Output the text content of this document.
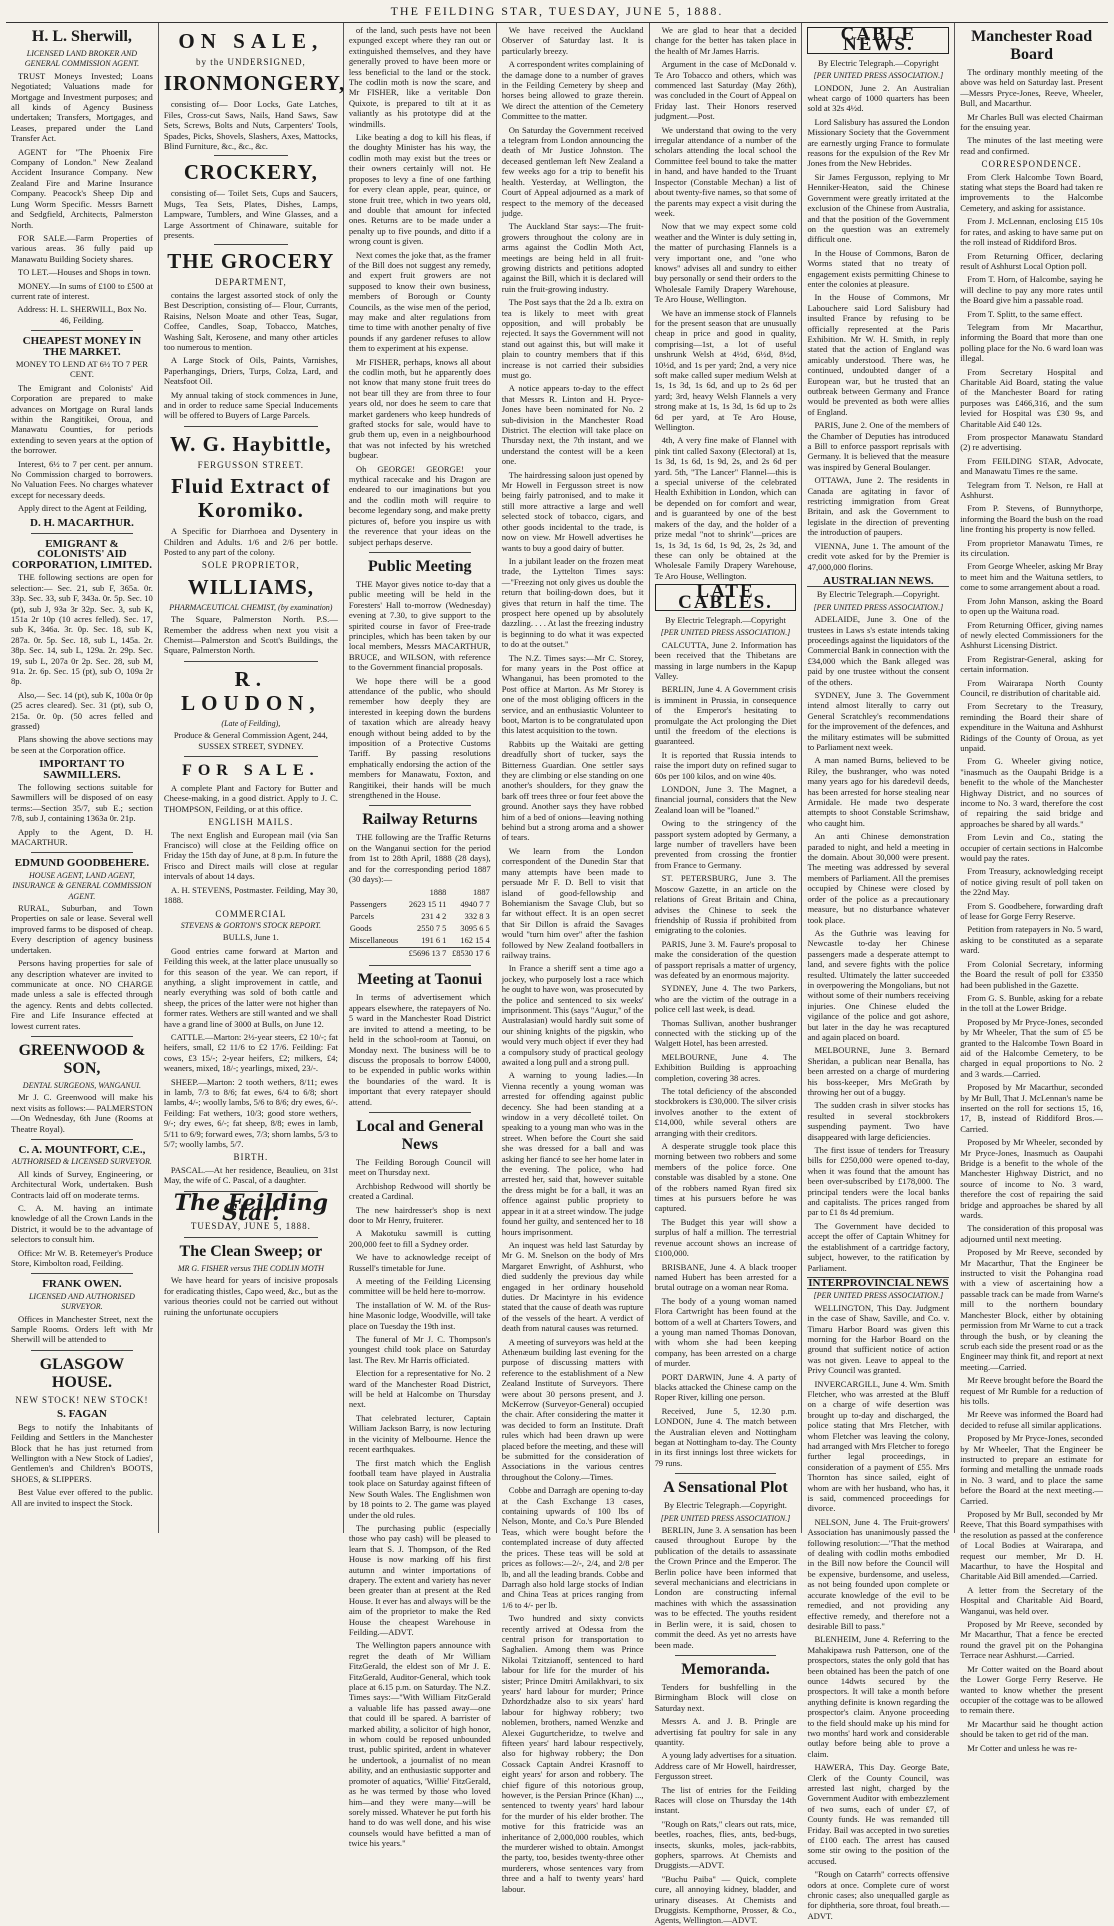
THE FEILDING STAR, TUESDAY, JUNE 5, 1888.
H. L. Sherwill,
LICENSED LAND BROKER AND GENERAL COMMISSION AGENT.

TRUST Moneys Invested; Loans Negotiated; Valuations made for Mortgage and Investment purposes; and all kinds of Agency Business undertaken; Transfers, Mortgages, and Leases, prepared under the Land Transfer Act.

AGENT for "The Phoenix Fire Company of London." New Zealand Accident Insurance Company. New Zealand Fire and Marine Insurance Company. Peacock's Sheep Dip and Lung Worm Specific. Messrs Barnett and Sedgfield, Architects, Palmerston North.

FOR SALE.—Farm Properties of various areas. 36 fully paid up Manawatu Building Society shares.

TO LET.—Houses and Shops in town.

MONEY.—In sums of £100 to £500 at current rate of interest.

Address: H. L. SHERWILL, Box No. 46, Feilding.

CHEAPEST MONEY IN THE MARKET.

MONEY TO LEND AT 6½ TO 7 PER CENT.

The Emigrant and Colonists' Aid Corporation are prepared to make advances on Mortgage on Rural lands within the Rangitikei, Oroua, and Manawatu Counties, for periods extending to seven years at the option of the borrower.

Interest, 6½ to 7 per cent. per annum. No Commission charged to borrowers. No Valuation Fees. No charges whatever except for necessary deeds.

Apply direct to the Agent at Feilding,

D. H. MACARTHUR.
EMIGRANT & COLONISTS' AID CORPORATION, LIMITED.

THE following sections are open for selection:— Sec. 21, sub F, 365a. 0r. 33p. Sec. 33, sub F, 343a. 0r. 5p. Sec. 10 (pt), sub J, 93a 3r 32p. Sec. 3, sub K, 151a 2r 10p (10 acres felled). Sec. 17, sub K, 346a. 3r. 0p. Sec. 18, sub K, 287a. 0r. 5p. Sec. 18, sub L, 145a. 2r. 38p. Sec. 14, sub L, 129a. 2r. 29p. Sec. 19, sub L, 207a 0r 2p. Sec. 28, sub M, 91a. 2r. 6p. Sec. 15 (pt), sub O, 109a 2r 8p.

Also,— Sec. 14 (pt), sub K, 100a 0r 0p (25 acres cleared). Sec. 31 (pt), sub O, 215a. 0r. 0p. (50 acres felled and grassed)

Plans showing the above sections may be seen at the Corporation office.

IMPORTANT TO SAWMILLERS.

The following sections suitable for Sawmillers will be disposed of on easy terms:—Section 35/7, sub E.; section 7/8, sub J, containing 1363a 0r. 21p.

Apply to the Agent, D. H. MACARTHUR.

EDMUND GOODBEHERE.
HOUSE AGENT, LAND AGENT, INSURANCE & GENERAL COMMISSION AGENT.

RURAL, Suburban, and Town Properties on sale or lease. Several well improved farms to be disposed of cheap. Every description of agency business undertaken.

Persons having properties for sale of any description whatever are invited to communicate at once. NO CHARGE made unless a sale is effected through the agency. Rents and debts collected. Fire and Life Insurance effected at lowest current rates.

GREENWOOD & SON,
DENTAL SURGEONS, WANGANUI.

Mr J. C. Greenwood will make his next visits as follows:— PALMERSTON—On Wednesday, 6th June (Rooms at Theatre Royal).

C. A. MOUNTFORT, C.E.,
AUTHORISED & LICENSED SURVEYOR.

All kinds of Survey, Engineering, or Architectural Work, undertaken. Bush Contracts laid off on moderate terms.

C. A. M. having an intimate knowledge of all the Crown Lands in the District, it would be to the advantage of selectors to consult him.

Office: Mr W. B. Retemeyer's Produce Store, Kimbolton road, Feilding.

FRANK OWEN.
LICENSED AND AUTHORISED SURVEYOR.

Offices in Manchester Street, next the Sample Rooms. Orders left with Mr Sherwill will be attended to

GLASGOW HOUSE.
NEW STOCK! NEW STOCK!
S. FAGAN

Begs to notify the Inhabitants of Feilding and Settlers in the Manchester Block that he has just returned from Wellington with a New Stock of Ladies', Gentlemen's and Children's BOOTS, SHOES, & SLIPPERS.

Best Value ever offered to the public. All are invited to inspect the Stock.

ON SALE,
by the UNDERSIGNED,
IRONMONGERY,

consisting of— Door Locks, Gate Latches, Files, Cross-cut Saws, Nails, Hand Saws, Saw Sets, Screws, Bolts and Nuts, Carpenters' Tools, Spades, Picks, Shovels, Slashers, Axes, Mattocks, Blind Furniture, &c., &c., &c.

CROCKERY,

consisting of— Toilet Sets, Cups and Saucers, Mugs, Tea Sets, Plates, Dishes, Lamps, Lampware, Tumblers, and Wine Glasses, and a Large Assortment of Chinaware, suitable for presents.

THE GROCERY
DEPARTMENT,

contains the largest assorted stock of only the Best Description, consisting of— Flour, Currants, Raisins, Nelson Moate and other Teas, Sugar, Coffee, Candles, Soap, Tobacco, Matches, Washing Salt, Kerosene, and many other articles too numerous to mention.

A Large Stock of Oils, Paints, Varnishes, Paperhangings, Driers, Turps, Colza, Lard, and Neatsfoot Oil.

My annual taking of stock commences in June, and in order to reduce same Special Inducements will be offered to Buyers of Large Parcels.

W. G. Haybittle,
FERGUSSON STREET.
Fluid Extract of Koromiko.

A Specific for Diarrhoea and Dysentery in Children and Adults. 1/6 and 2/6 per bottle. Posted to any part of the colony.

SOLE PROPRIETOR,
WILLIAMS,
PHARMACEUTICAL CHEMIST, (by examination)

The Square, Palmerston North. P.S.—Remember the address when next you visit a Chemist—Palmerston and Scott's Buildings, the Square, Palmerston North.

R. LOUDON,
(Late of Feilding),

Produce & General Commission Agent, 244, SUSSEX STREET, SYDNEY.

FOR SALE.

A complete Plant and Factory for Butter and Cheese-making, in a good district. Apply to J. C. THOMPSON, Feilding, or at this office.

ENGLISH MAILS.

The next English and European mail (via San Francisco) will close at the Feilding office on Friday the 15th day of June, at 8 p.m. In future the Frisco and Direct mails will close at regular intervals of about 14 days.

A. H. STEVENS, Postmaster. Feilding, May 30, 1888.

COMMERCIAL
STEVENS & GORTON'S STOCK REPORT.

BULLS, June 1.

Good entries came forward at Marton and Feilding this week, at the latter place unusually so for this season of the year. We can report, if anything, a slight improvement in cattle, and nearly everything was sold of both cattle and sheep, the prices of the latter were not higher than former rates. Wethers are still wanted and we shall have a grand line of 3000 at Bulls, on June 12.

CATTLE.—Marton: 2½-year steers, £2 10/-; fat heifers, small, £2 11/6 to £2 17/6. Feilding: Fat cows, £3 15/-; 2-year heifers, £2; milkers, £4; weaners, mixed, 18/-; yearlings, mixed, 23/-.

SHEEP.—Marton: 2 tooth wethers, 8/11; ewes in lamb, 7/3 to 8/6; fat ewes, 6/4 to 6/8; short lambs, 4/-; woolly lambs, 5/6 to 8/6; dry ewes, 6/-. Feilding: Fat wethers, 10/3; good store wethers, 9/-; dry ewes, 6/-; fat sheep, 8/8; ewes in lamb, 5/11 to 6/9; forward ewes, 7/3; shorn lambs, 5/3 to 5/7; woolly lambs, 5/7.

BIRTH.

PASCAL.—At her residence, Beaulieu, on 31st May, the wife of C. Pascal, of a daughter.

The Feilding Star.
TUESDAY, JUNE 5, 1888.
The Clean Sweep; or
MR G. FISHER versus THE CODLIN MOTH

We have heard for years of incisive proposals for eradicating thistles, Capo weed, &c., but as the various theories could not be carried out without ruining the unfortunate occupiers

of the land, such pests have not been expunged except where they ran out or extinguished themselves, and they have generally proved to have been more or less beneficial to the land or the stock. The codlin moth is now the scare, and Mr FISHER, like a veritable Don Quixote, is prepared to tilt at it as valiantly as his prototype did at the windmills.

Like beating a dog to kill his fleas, if the doughty Minister has his way, the codlin moth may exist but the trees or their owners certainly will not. He proposes to levy a fine of one farthing for every clean apple, pear, quince, or stone fruit tree, which in two years old, and double that amount for infected ones. Returns are to be made under a penalty up to five pounds, and ditto if a wrong count is given.

Next comes the joke that, as the framer of the Bill does not suggest any remedy, and expert fruit growers are not supposed to know their own business, members of Borough or County Councils, as the wise men of the period, may make and alter regulations from time to time with another penalty of five pounds if any gardener refuses to allow them to experiment at his expense.

Mr FISHER, perhaps, knows all about the codlin moth, but he apparently does not know that many stone fruit trees do not bear till they are from three to four years old, nor does he seem to care that market gardeners who keep hundreds of grafted stocks for sale, would have to grub them up, even in a neighbourhood that was not infected by his wretched bugbear.

Oh GEORGE! GEORGE! your mythical racecake and his Dragon are endeared to our imaginations but you and the codlin moth will require to become legendary song, and make pretty pictures of, before you inspire us with the reverence that your ideas on the subject perhaps deserve.

Public Meeting

THE Mayor gives notice to-day that a public meeting will be held in the Foresters' Hall to-morrow (Wednesday) evening at 7.30, to give support to the spirited course in favor of Free-trade principles, which has been taken by our local members, Messrs MACARTHUR, BRUCE, and WILSON, with reference to the Government financial proposals.

We hope there will be a good attendance of the public, who should remember how deeply they are interested in keeping down the burdens of taxation which are already heavy enough without being added to by the imposition of a Protective Customs Tariff. By passing resolutions emphatically endorsing the action of the members for Manawatu, Foxton, and Rangitikei, their hands will be much strengthened in the House.

Railway Returns

THE following are the Traffic Returns on the Wanganui section for the period from 1st to 28th April, 1888 (28 days), and for the corresponding period 1887 (30 days):—

	1888	1887
Passengers	2623 15 11	4940 7 7
Parcels	231 4 2	332 8 3
Goods	2550 7 5	3095 6 5
Miscellaneous	191 6 1	162 15 4
	£5696 13 7	£8530 17 6
Meeting at Taonui

In terms of advertisement which appears elsewhere, the ratepayers of No. 5 ward in the Manchester Road District are invited to attend a meeting, to be held in the school-room at Taonui, on Monday next. The business will be to discuss the proposals to borrow £4000, to be expended in public works within the boundaries of the ward. It is important that every ratepayer should attend.

Local and General News

The Feilding Borough Council will meet on Thursday next.

Archbishop Redwood will shortly be created a Cardinal.

The new hairdresser's shop is next door to Mr Henry, fruiterer.

A Makotuku sawmill is cutting 200,000 feet to fill a Sydney order.

We have to acknowledge receipt of Russell's timetable for June.

A meeting of the Feilding Licensing committee will be held here to-morrow.

The installation of W. M. of the Rus-hine Masonic lodge, Woodville, will take place on Tuesday the 19th inst.

The funeral of Mr J. C. Thompson's youngest child took place on Saturday last. The Rev. Mr Harris officiated.

Election for a representative for No. 2 ward of the Manchester Road District, will be held at Halcombe on Thursday next.

That celebrated lecturer, Captain William Jackson Barry, is now lecturing in the vicinity of Melbourne. Hence the recent earthquakes.

The first match which the English football team have played in Australia took place on Saturday against fifteen of New South Wales. The Englishmen won by 18 points to 2. The game was played under the old rules.

The purchasing public (especially those who pay cash) will be pleased to learn that S. J. Thompson, of the Red House is now marking off his first autumn and winter importations of drapery. The extent and variety has never been greater than at present at the Red House. It ever has and always will be the aim of the proprietor to make the Red House the cheapest Warehouse in Feilding.—ADVT.

The Wellington papers announce with regret the death of Mr William FitzGerald, the eldest son of Mr J. E. FitzGerald, Auditor-General, which took place at 6.15 p.m. on Saturday. The N.Z. Times says:—"With William FitzGerald a valuable life has passed away—one that could ill be spared. A barrister of marked ability, a solicitor of high honor, in whom could be reposed unbounded trust, public spirited, ardent in whatever he undertook, a journalist of no mean ability, and an enthusiastic supporter and promoter of aquatics, 'Willie' FitzGerald, as he was termed by those who loved him—and they were many—will be sorely missed. Whatever he put forth his hand to do was well done, and his wise counsels would have befitted a man of twice his years."

We have received the Auckland Observer of Saturday last. It is particularly breezy.

A correspondent writes complaining of the damage done to a number of graves in the Feilding Cemetery by sheep and horses being allowed to graze therein. We direct the attention of the Cemetery Committee to the matter.

On Saturday the Government received a telegram from London announcing the death of Mr Justice Johnston. The deceased gentleman left New Zealand a few weeks ago for a trip to benefit his health. Yesterday, at Wellington, the Court of Appeal adjourned as a mark of respect to the memory of the deceased judge.

The Auckland Star says:—The fruit-growers throughout the colony are in arms against the Codlin Moth Act, meetings are being held in all fruit-growing districts and petitions adopted against the Bill, which it is declared will ruin the fruit-growing industry.

The Post says that the 2d a lb. extra on tea is likely to meet with great opposition, and will probably be rejected. It says the Government will not stand out against this, but will make it plain to country members that if this increase is not carried their subsidies must go.

A notice appears to-day to the effect that Messrs R. Linton and H. Pryce-Jones have been nominated for No. 2 sub-division in the Manchester Road District. The election will take place on Thursday next, the 7th instant, and we understand the contest will be a keen one.

The hairdressing saloon just opened by Mr Howell in Fergusson street is now being fairly patronised, and to make it still more attractive a large and well selected stock of tobacco, cigars, and other goods incidental to the trade, is now on view. Mr Howell advertises he wants to buy a good dairy of butter.

In a jubilant leader on the frozen meat trade, the Lyttelton Times says:—"Freezing not only gives us double the return that boiling-down does, but it gives that return in half the time. The prospect here opened up by absolutely dazzling. . . . At last the freezing industry is beginning to do what it was expected to do at the outset."

The N.Z. Times says:—Mr C. Storey, for many years in the Post office at Whanganui, has been promoted to the Post office at Marton. As Mr Storey is one of the most obliging officers in the service, and an enthusiastic Volunteer to boot, Marton is to be congratulated upon this latest acquisition to the town.

Rabbits up the Waitaki are getting dreadfully short of tucker, says the Bitterness Guardian. One settler says they are climbing or else standing on one another's shoulders, for they gnaw the bark off trees three or four feet above the ground. Another says they have robbed him of a bed of onions—leaving nothing behind but a strong aroma and a shower of tears.

We learn from the London correspondent of the Dunedin Star that many attempts have been made to persuade Mr F. D. Bell to visit that island of good-fellowship and Bohemianism the Savage Club, but so far without effect. It is an open secret that Sir Dillon is afraid the Savages would "turn him over" after the fashion followed by New Zealand footballers in railway trains.

In France a sheriff sent a time ago a jockey, who purposely lost a race which he ought to have won, was prosecuted by the police and sentenced to six weeks' imprisonment. This (says "Augur," of the Australasian) would hardly suit some of our shining knights of the pigskin, who would very much object if ever they had a compulsory study of practical geology awaited a long pull and a strong pull.

A warning to young ladies.—In Vienna recently a young woman was arrested for offending against public decency. She had been standing at a window in a very décolleté toilet. On speaking to a young man who was in the street. When before the Court she said she was dressed for a ball and was asking her fiancé to see her home later in the evening. The police, who had arrested her, said that, however suitable the dress might be for a ball, it was an offence against public propriety to appear in it at a street window. The judge found her guilty, and sentenced her to 18 hours imprisonment.

An inquest was held last Saturday by Mr G. M. Snelson on the body of Mrs Margaret Enwright, of Ashhurst, who died suddenly the previous day while engaged in her ordinary household duties. Dr Macintyre in his evidence stated that the cause of death was rupture of the vessels of the heart. A verdict of death from natural causes was returned.

A meeting of surveyors was held at the Athenæum building last evening for the purpose of discussing matters with reference to the establishment of a New Zealand Institute of Surveyors. There were about 30 persons present, and J. McKerrow (Surveyor-General) occupied the chair. After considering the matter it was decided to form an Institute. Draft rules which had been drawn up were placed before the meeting, and these will be submitted for the consideration of Associations in the various centres throughout the Colony.—Times.

Cobbe and Darragh are opening to-day at the Cash Exchange 13 cases, containing upwards of 100 lbs of Nelson, Monte, and Co.'s Pure Blended Teas, which were bought before the contemplated increase of duty affected the prices. These teas will be sold at prices as follows:—2/-, 2/4, and 2/8 per lb, and all the leading brands. Cobbe and Darragh also hold large stocks of Indian and China Teas at prices ranging from 1/6 to 4/- per lb.

Two hundred and sixty convicts recently arrived at Odessa from the central prison for transportation to Saghalien. Among them was Prince Nikolai Tzitzianoff, sentenced to hard labour for life for the murder of his sister; Prince Dmitri Amilakhvari, to six years' hard labour for murder; Prince Dzhordzhadze also to six years' hard labour for highway robbery; two noblemen, brothers, named Wenzke and Alexei Gugurtcheridze, to twelve and fifteen years' hard labour respectively, also for highway robbery; the Don Cossack Captain Andrei Krasnoff to eight years' for arson and robbery. The chief figure of this notorious group, however, is the Persian Prince (Khan) ..., sentenced to twenty years' hard labour for the murder of his elder brother. The motive for this fratricide was an inheritance of 2,000,000 roubles, which the murderer wished to obtain. Amongst the party, too, besides twenty-three other murderers, whose sentences vary from three and a half to twenty years' hard labour.

We are glad to hear that a decided change for the better has taken place in the health of Mr James Harris.

Argument in the case of McDonald v. Te Aro Tobacco and others, which was commenced last Saturday (May 26th), was concluded in the Court of Appeal on Friday last. Their Honors reserved judgment.—Post.

We understand that owing to the very irregular attendance of a number of the scholars attending the local school the Committee feel bound to take the matter in hand, and have handed to the Truant Inspector (Constable Mechan) a list of about twenty-five names, so that some of the parents may expect a visit during the week.

Now that we may expect some cold weather and the Winter is duly setting in, the matter of purchasing Flannels is a very important one, and "one who knows" advises all and sundry to either buy personally or send their orders to the Wholesale Family Drapery Warehouse, Te Aro House, Wellington.

We have an immense stock of Flannels for the present season that are unusually cheap in price and good in quality, comprising—1st, a lot of useful unshrunk Welsh at 4½d, 6½d, 8½d, 10½d, and 1s per yard; 2nd, a very nice soft make called super medium Welsh at 1s, 1s 3d, 1s 6d, and up to 2s 6d per yard; 3rd, heavy Welsh Flannels a very strong make at 1s, 1s 3d, 1s 6d up to 2s 6d per yard, at Te Aro House, Wellington.

4th, A very fine make of Flannel with pink tint called Saxony (Electoral) at 1s, 1s 3d, 1s 6d, 1s 9d, 2s, and 2s 6d per yard. 5th, "The Lancer" Flannel—this is a special universe of the celebrated Health Exhibition in London, which can be depended on for comfort and wear, and is guaranteed by one of the best makers of the day, and the holder of a prize medal "not to shrink"—prices are 1s, 1s 3d, 1s 6d, 1s 9d, 2s, 2s 3d, and these can only be obtained at the Wholesale Family Drapery Warehouse, Te Aro House, Wellington.

LATE CABLES.

By Electric Telegraph.—Copyright

[PER UNITED PRESS ASSOCIATION.]

CALCUTTA, June 2. Information has been received that the Thibetans are massing in large numbers in the Kapup Valley.

BERLIN, June 4. A Government crisis is imminent in Prussia, in consequence of the Emperor's hesitating to promulgate the Act prolonging the Diet until the freedom of the elections is guaranteed.

It is reported that Russia intends to raise the import duty on refined sugar to 60s per 100 kilos, and on wine 40s.

LONDON, June 3. The Magnet, a financial journal, considers that the New Zealand loan will be "loaned."

Owing to the stringency of the passport system adopted by Germany, a large number of travellers have been prevented from crossing the frontier from France to Germany.

ST. PETERSBURG, June 3. The Moscow Gazette, in an article on the relations of Great Britain and China, advises the Chinese to seek the friendship of Russia if prohibited from emigrating to the colonies.

PARIS, June 3. M. Faure's proposal to make the consideration of the question of passport reprisals a matter of urgency, was defeated by an enormous majority.

SYDNEY, June 4. The two Parkers, who are the victim of the outrage in a police cell last week, is dead.

Thomas Sullivan, another bushranger connected with the sticking up of the Walgett Hotel, has been arrested.

MELBOURNE, June 4. The Exhibition Building is approaching completion, covering 38 acres.

The total deficiency of the absconded stockbrokers is £30,000. The silver crisis involves another to the extent of £14,000, while several others are arranging with their creditors.

A desperate struggle took place this morning between two robbers and some members of the police force. One constable was disabled by a stone. One of the robbers named Ryan fired six times at his pursuers before he was captured.

The Budget this year will show a surplus of half a million. The terrestrial revenue account shows an increase of £100,000.

BRISBANE, June 4. A black trooper named Hubert has been arrested for a brutal outrage on a woman near Roma.

The body of a young woman named Flora Cartwright has been found at the bottom of a well at Charters Towers, and a young man named Thomas Donovan, with whom she had been keeping company, has been arrested on a charge of murder.

PORT DARWIN, June 4. A party of blacks attacked the Chinese camp on the Roper River, killing one person.

Received, June 5, 12.30 p.m. LONDON, June 4. The match between the Australian eleven and Nottingham began at Nottingham to-day. The County in its first innings lost three wickets for 79 runs.

A Sensational Plot

By Electric Telegraph.—Copyright.

[PER UNITED PRESS ASSOCIATION.]

BERLIN, June 3. A sensation has been caused throughout Europe by the publication of the details to assassinate the Crown Prince and the Emperor. The Berlin police have been informed that several mechanicians and electricians in London are constructing infernal machines with which the assassination was to be effected. The youths resident in Berlin were, it is said, chosen to commit the deed. As yet no arrests have been made.

Memoranda.

Tenders for bushfelling in the Birmingham Block will close on Saturday next.

Messrs A. and J. B. Pringle are advertising fat poultry for sale in any quantity.

A young lady advertises for a situation. Address care of Mr Howell, hairdresser, Fergusson street.

The list of entries for the Feilding Races will close on Thursday the 14th instant.

"Rough on Rats," clears out rats, mice, beetles, roaches, flies, ants, bed-bugs, insects, skunks, moles, jack-rabbits, gophers, sparrows. At Chemists and Druggists.—ADVT.

"Buchu Paiba" — Quick, complete cure, all annoying kidney, bladder, and urinary diseases. At Chemists and Druggists. Kempthorne, Prosser, & Co., Agents, Wellington.—ADVT.

CABLE NEWS.

By Electric Telegraph.—Copyright

[PER UNITED PRESS ASSOCIATION.]

LONDON, June 2. An Australian wheat cargo of 1000 quarters has been sold at 32s 4½d.

Lord Salisbury has assured the London Missionary Society that the Government are earnestly urging France to formulate reasons for the expulsion of the Rev Mr Jones from the New Hebrides.

Sir James Fergusson, replying to Mr Henniker-Heaton, said the Chinese Government were greatly irritated at the exclusion of the Chinese from Australia, and that the position of the Government on the question was an extremely difficult one.

In the House of Commons, Baron de Worms stated that no treaty of engagement exists permitting Chinese to enter the colonies at pleasure.

In the House of Commons, Mr Labouchere said Lord Salisbury had insulted France by refusing to be officially represented at the Paris Exhibition. Mr W. H. Smith, in reply stated that the action of England was amicably understood. There was, he continued, undoubted danger of a European war, but he trusted that an outbreak between Germany and France would be prevented as both were allies of England.

PARIS, June 2. One of the members of the Chamber of Deputies has introduced a Bill to enforce passport reprisals with Germany. It is believed that the measure was inspired by General Boulanger.

OTTAWA, June 2. The residents in Canada are agitating in favor of restricting immigration from Great Britain, and ask the Government to legislate in the direction of preventing the introduction of paupers.

VIENNA, June 1. The amount of the credit vote asked for by the Premier is 47,000,000 florins.

AUSTRALIAN NEWS.

By Electric Telegraph.—Copyright.

[PER UNITED PRESS ASSOCIATION.]

ADELAIDE, June 3. One of the trustees in Laws s's estate intends taking proceedings against the liquidators of the Commercial Bank in connection with the £34,000 which the Bank alleged was paid by one trustee without the consent of the others.

SYDNEY, June 3. The Government intend almost literally to carry out General Scratchley's recommendations for the improvement of the defences, and the military estimates will be submitted to Parliament next week.

A man named Burns, believed to be Riley, the bushranger, who was noted many years ago for his daredevil deeds, has been arrested for horse stealing near Armidale. He made two desperate attempts to shoot Constable Scrimshaw, who caught him.

An anti Chinese demonstration paraded to night, and held a meeting in the domain. About 30,000 were present. The meeting was addressed by several members of Parliament. All the premises occupied by Chinese were closed by order of the police as a precautionary measure, but no disturbance whatever took place.

As the Guthrie was leaving for Newcastle to-day her Chinese passengers made a desperate attempt to land, and severe fights with the police resulted. Ultimately the latter succeeded in overpowering the Mongolians, but not without some of their numbers receiving injuries. One Chinese eluded the vigilance of the police and got ashore, but later in the day he was recaptured and again placed on board.

MELBOURNE, June 3. Bernard Sheridan, a publican near Benalla, has been arrested on a charge of murdering his boss-keeper, Mrs McGrath by throwing her out of a buggy.

The sudden crash in silver stocks has resulted in several stockbrokers suspending payment. Two have disappeared with large deficiencies.

The first issue of tenders for Treasury bills for £250,000 were opened to-day, when it was found that the amount has been over-subscribed by £178,000. The principal tenders were the local banks and capitalists. The prices ranged from par to £1 8s 4d premium.

The Government have decided to accept the offer of Captain Whitney for the establishment of a cartridge factory, subject, however, to the ratification by Parliament.

INTERPROVINCIAL NEWS
[PER UNITED PRESS ASSOCIATION.]

WELLINGTON, This Day. Judgment in the case of Shaw, Saville, and Co. v. Timaru Harbor Board was given this morning for the Harbor Board on the ground that sufficient notice of action was not given. Leave to appeal to the Privy Council was granted.

INVERCARGILL, June 4. Wm. Smith Fletcher, who was arrested at the Bluff on a charge of wife desertion was brought up to-day and discharged, the police stating that Mrs Fletcher, with whom Fletcher was leaving the colony, had arranged with Mrs Fletcher to forego further legal proceedings, in consideration of a payment of £55. Mrs Thornton has since sailed, eight of whom are with her husband, who has, it is said, commenced proceedings for divorce.

NELSON, June 4. The Fruit-growers' Association has unanimously passed the following resolution:—"That the method of dealing with codlin moths embodied in the Bill now before the Council will be expensive, burdensome, and useless, as not being founded upon complete or accurate knowledge of the evil to be remedied, and not providing any effective remedy, and therefore not a desirable Bill to pass."

BLENHEIM, June 4. Referring to the Mahakipawa rush Patterson, one of the prospectors, states the only gold that has been obtained has been the patch of one ounce 14dwts secured by the prospectors. It will take a month before anything definite is known regarding the prospector's claim. Anyone proceeding to the field should make up his mind for two months' hard work and considerable outlay before being able to prove a claim.

HAWERA, This Day. George Bate, Clerk of the County Council, was arrested last night, charged by the Government Auditor with embezzlement of two sums, each of under £7, of County funds. He was remanded till Friday. Bail was accepted in two sureties of £100 each. The arrest has caused some stir owing to the position of the accused.

"Rough on Catarrh" corrects offensive odors at once. Complete cure of worst chronic cases; also unequalled gargle as for diphtheria, sore throat, foul breath.—ADVT.

Manchester Road Board

The ordinary monthly meeting of the above was held on Saturday last. Present—Messrs Pryce-Jones, Reeve, Wheeler, Bull, and Macarthur.

Mr Charles Bull was elected Chairman for the ensuing year.

The minutes of the last meeting were read and confirmed.

CORRESPONDENCE.

From Clerk Halcombe Town Board, stating what steps the Board had taken re improvements to the Halcombe Cemetery, and asking for assistance.

From J. McLennan, enclosing £15 10s for rates, and asking to have same put on the roll instead of Riddiford Bros.

From Returning Officer, declaring result of Ashhurst Local Option poll.

From T. Horn, of Halcombe, saying he will decline to pay any more rates until the Board give him a passable road.

From T. Splitt, to the same effect.

Telegram from Mr Macarthur, informing the Board that more than one polling place for the No. 6 ward loan was illegal.

From Secretary Hospital and Charitable Aid Board, stating the value of the Manchester Board for rating purposes was £466,316, and the sum levied for Hospital was £30 9s, and Charitable Aid £40 12s.

From prospector Manawatu Standard (2) re advertising.

From FEILDING STAR, Advocate, and Manawatu Times re the same.

Telegram from T. Nelson, re Hall at Ashhurst.

From P. Stevens, of Bunnythorpe, informing the Board the bush on the road line fronting his property is now felled.

From proprietor Manawatu Times, re its circulation.

From George Wheeler, asking Mr Bray to meet him and the Waituna settlers, to come to some arrangement about a road.

From John Manson, asking the Board to open up the Waituna road.

From Returning Officer, giving names of newly elected Commissioners for the Ashhurst Licensing District.

From Registrar-General, asking for certain information.

From Wairarapa North County Council, re distribution of charitable aid.

From Secretary to the Treasury, reminding the Board their share of expenditure in the Waituna and Ashhurst Ridings of the County of Oroua, as yet unpaid.

From G. Wheeler giving notice, "inasmuch as the Oaupahi Bridge is a benefit to the whole of the Manchester Highway District, and no sources of income to No. 3 ward, therefore the cost of repairing the said bridge and approaches be shared by all wards."

From Levin and Co., stating the occupier of certain sections in Halcombe would pay the rates.

From Treasury, acknowledging receipt of notice giving result of poll taken on the 22nd May.

From S. Goodbehere, forwarding draft of lease for Gorge Ferry Reserve.

Petition from ratepayers in No. 5 ward, asking to be constituted as a separate ward.

From Colonial Secretary, informing the Board the result of poll for £3350 had been published in the Gazette.

From G. S. Bunble, asking for a rebate in the toll at the Lower Bridge.

Proposed by Mr Pryce-Jones, seconded by Mr Wheeler, That the sum of £5 be granted to the Halcombe Town Board in aid of the Halcombe Cemetery, to be charged in equal proportions to No. 2 and 3 wards.—Carried.

Proposed by Mr Macarthur, seconded by Mr Bull, That J. McLennan's name be inserted on the roll for sections 15, 16, 17, B, instead of Riddiford Bros.—Carried.

Proposed by Mr Wheeler, seconded by Mr Pryce-Jones, Inasmuch as Oaupahi Bridge is a benefit to the whole of the Manchester Highway District, and no source of income to No. 3 ward, therefore the cost of repairing the said bridge and approaches be shared by all wards.

The consideration of this proposal was adjourned until next meeting.

Proposed by Mr Reeve, seconded by Mr Macarthur, That the Engineer be instructed to visit the Pohangina road with a view of ascertaining how a passable track can be made from Warne's mill to the northern boundary Manchester Block, either by obtaining permission from Mr Warne to cut a track through the bush, or by cleaning the scrub each side the present road or as the Engineer may think fit, and report at next meeting.—Carried.

Mr Reeve brought before the Board the request of Mr Rumble for a reduction of his tolls.

Mr Reeve was informed the Board had decided to refuse all similar applications.

Proposed by Mr Pryce-Jones, seconded by Mr Wheeler, That the Engineer be instructed to prepare an estimate for forming and metalling the unmade roads in No. 3 ward, and to place the same before the Board at the next meeting.—Carried.

Proposed by Mr Bull, seconded by Mr Reeve, That this Board sympathises with the resolution as passed at the conference of Local Bodies at Wairarapa, and request our member, Mr D. H. Macarthur, to have the Hospital and Charitable Aid Bill amended.—Carried.

A letter from the Secretary of the Hospital and Charitable Aid Board, Wanganui, was held over.

Proposed by Mr Reeve, seconded by Mr Macarthur, That a fence be erected round the gravel pit on the Pohangina Terrace near Ashhurst.—Carried.

Mr Cotter waited on the Board about the Lower Gorge Ferry Reserve. He wanted to know whether the present occupier of the cottage was to be allowed to remain there.

Mr Macarthur said he thought action should be taken to get rid of the man.

Mr Cotter and unless he was re-
